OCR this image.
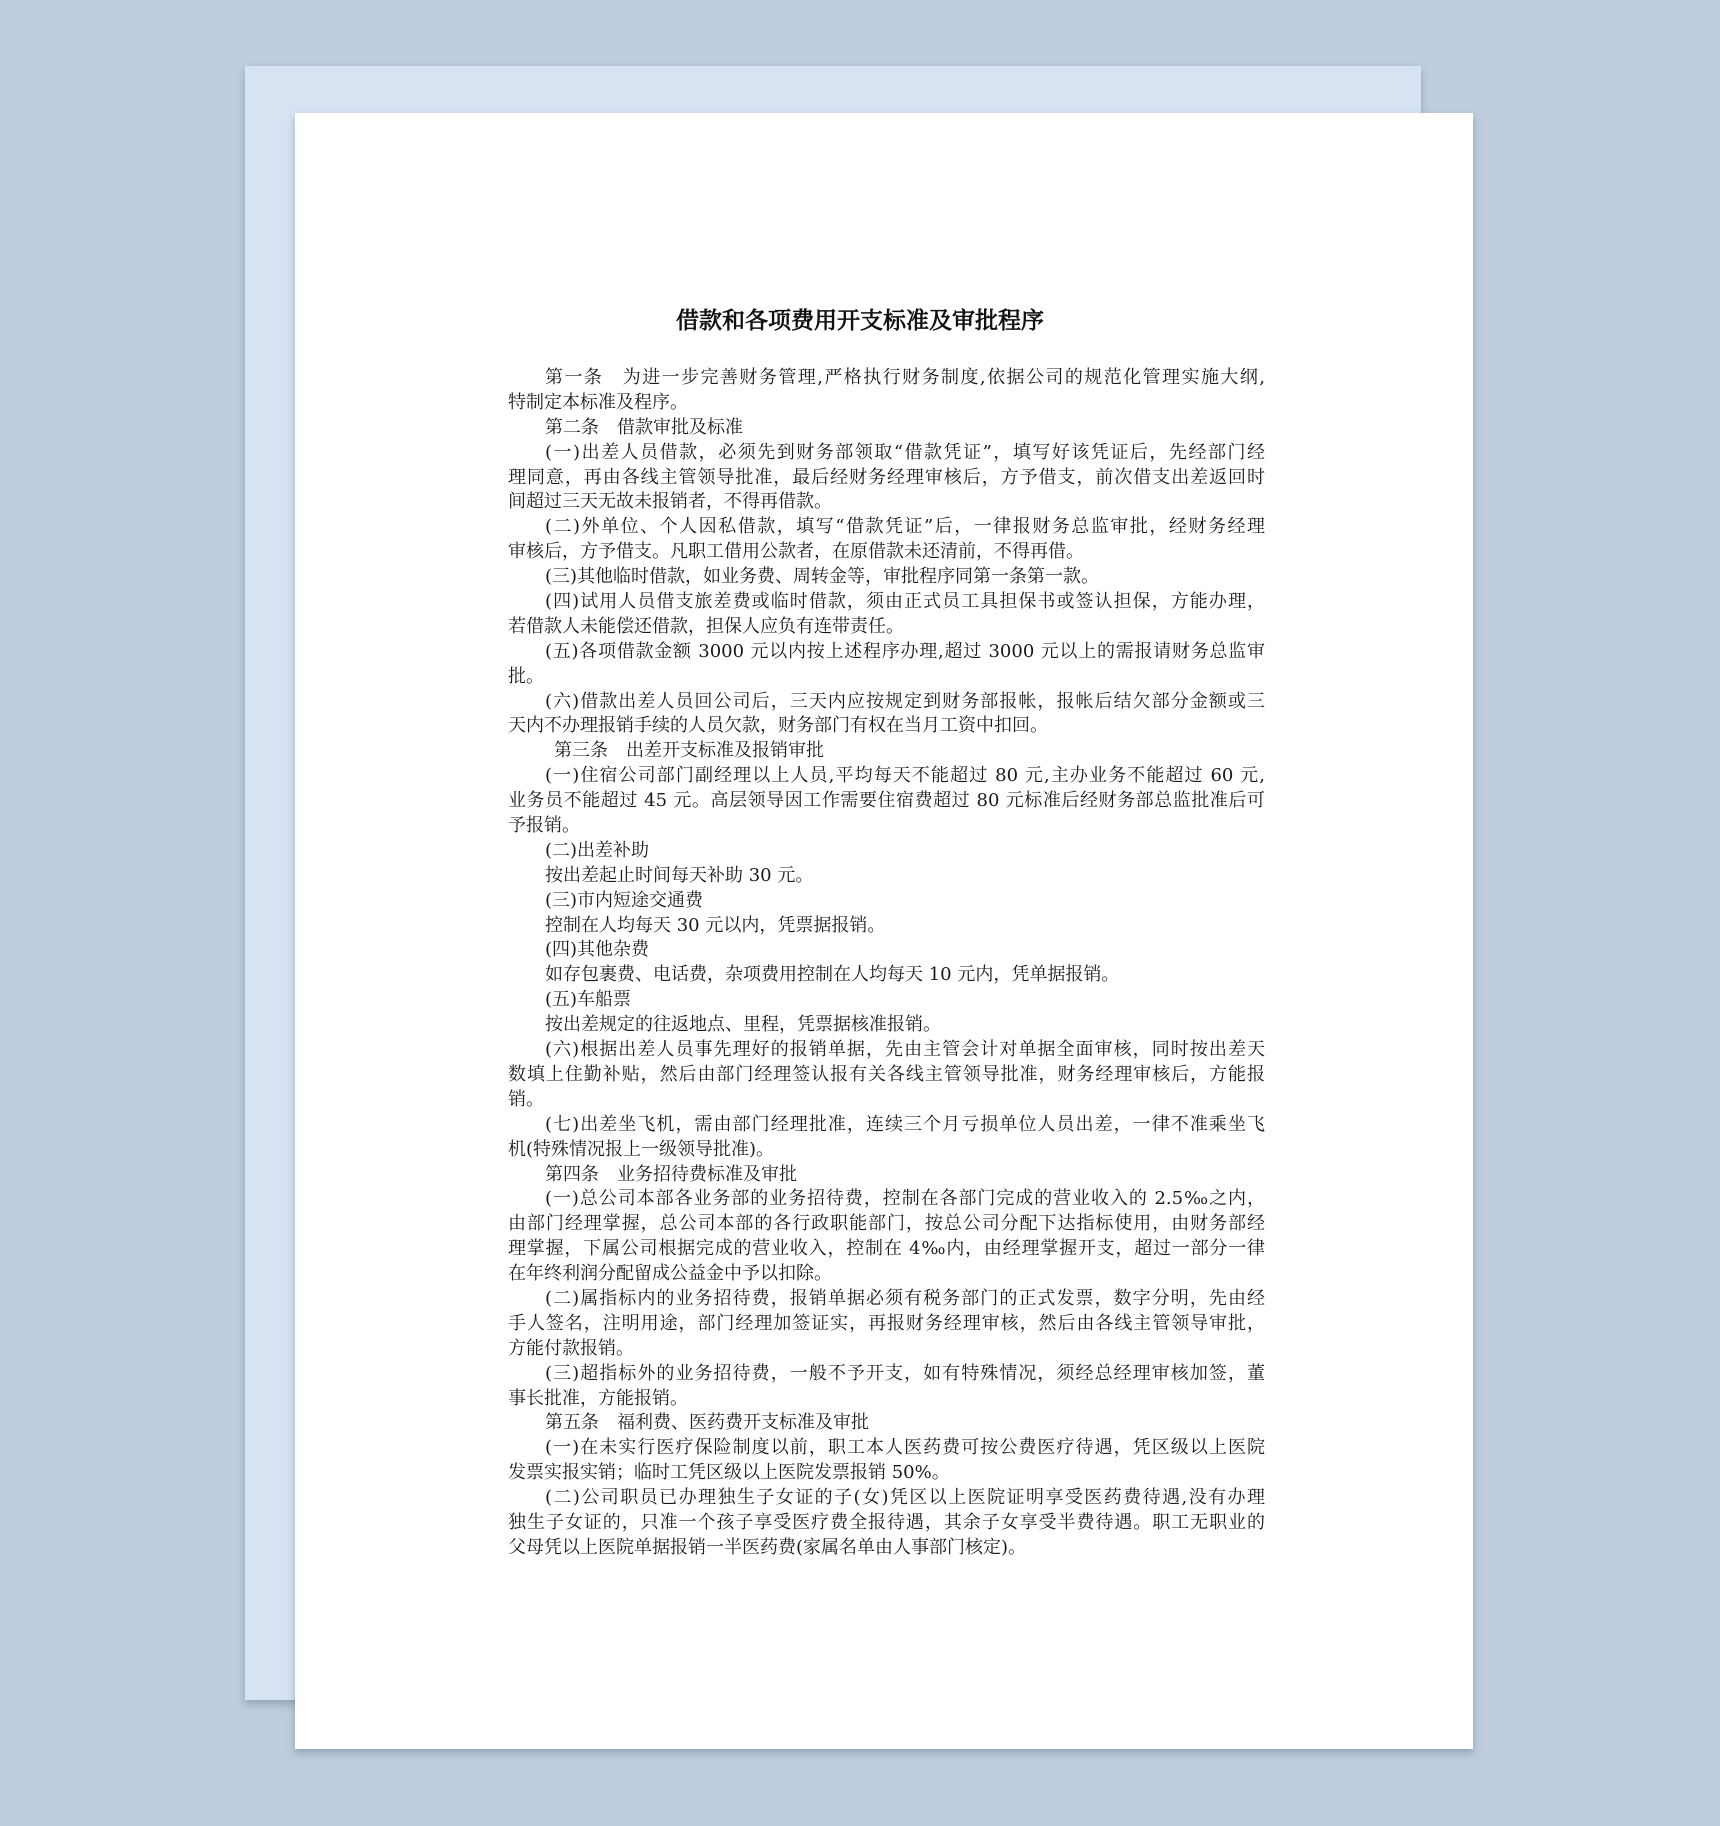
借款和各项费用开支标准及审批程序
第一条　为进一步完善财务管理,严格执行财务制度,依据公司的规范化管理实施大纲,
特制定本标准及程序。
第二条　借款审批及标准
(一)出差人员借款，必须先到财务部领取“借款凭证”，填写好该凭证后，先经部门经
理同意，再由各线主管领导批准，最后经财务经理审核后，方予借支，前次借支出差返回时
间超过三天无故未报销者，不得再借款。
(二)外单位、个人因私借款，填写“借款凭证”后，一律报财务总监审批，经财务经理
审核后，方予借支。凡职工借用公款者，在原借款未还清前，不得再借。
(三)其他临时借款，如业务费、周转金等，审批程序同第一条第一款。
(四)试用人员借支旅差费或临时借款，须由正式员工具担保书或签认担保，方能办理，
若借款人未能偿还借款，担保人应负有连带责任。
(五)各项借款金额 3000 元以内按上述程序办理,超过 3000 元以上的需报请财务总监审
批。
(六)借款出差人员回公司后，三天内应按规定到财务部报帐，报帐后结欠部分金额或三
天内不办理报销手续的人员欠款，财务部门有权在当月工资中扣回。
第三条　出差开支标准及报销审批
(一)住宿公司部门副经理以上人员,平均每天不能超过 80 元,主办业务不能超过 60 元,
业务员不能超过 45 元。高层领导因工作需要住宿费超过 80 元标准后经财务部总监批准后可
予报销。
(二)出差补助
按出差起止时间每天补助 30 元。
(三)市内短途交通费
控制在人均每天 30 元以内，凭票据报销。
(四)其他杂费
如存包裹费、电话费，杂项费用控制在人均每天 10 元内，凭单据报销。
(五)车船票
按出差规定的往返地点、里程，凭票据核准报销。
(六)根据出差人员事先理好的报销单据，先由主管会计对单据全面审核，同时按出差天
数填上住勤补贴，然后由部门经理签认报有关各线主管领导批准，财务经理审核后，方能报
销。
(七)出差坐飞机，需由部门经理批准，连续三个月亏损单位人员出差，一律不准乘坐飞
机(特殊情况报上一级领导批准)。
第四条　业务招待费标准及审批
(一)总公司本部各业务部的业务招待费，控制在各部门完成的营业收入的 2.5‰之内，
由部门经理掌握，总公司本部的各行政职能部门，按总公司分配下达指标使用，由财务部经
理掌握，下属公司根据完成的营业收入，控制在 4‰内，由经理掌握开支，超过一部分一律
在年终利润分配留成公益金中予以扣除。
(二)属指标内的业务招待费，报销单据必须有税务部门的正式发票，数字分明，先由经
手人签名，注明用途，部门经理加签证实，再报财务经理审核，然后由各线主管领导审批，
方能付款报销。
(三)超指标外的业务招待费，一般不予开支，如有特殊情况，须经总经理审核加签，董
事长批准，方能报销。
第五条　福利费、医药费开支标准及审批
(一)在未实行医疗保险制度以前，职工本人医药费可按公费医疗待遇，凭区级以上医院
发票实报实销；临时工凭区级以上医院发票报销 50%。
(二)公司职员已办理独生子女证的子(女)凭区以上医院证明享受医药费待遇,没有办理
独生子女证的，只准一个孩子享受医疗费全报待遇，其余子女享受半费待遇。职工无职业的
父母凭以上医院单据报销一半医药费(家属名单由人事部门核定)。
